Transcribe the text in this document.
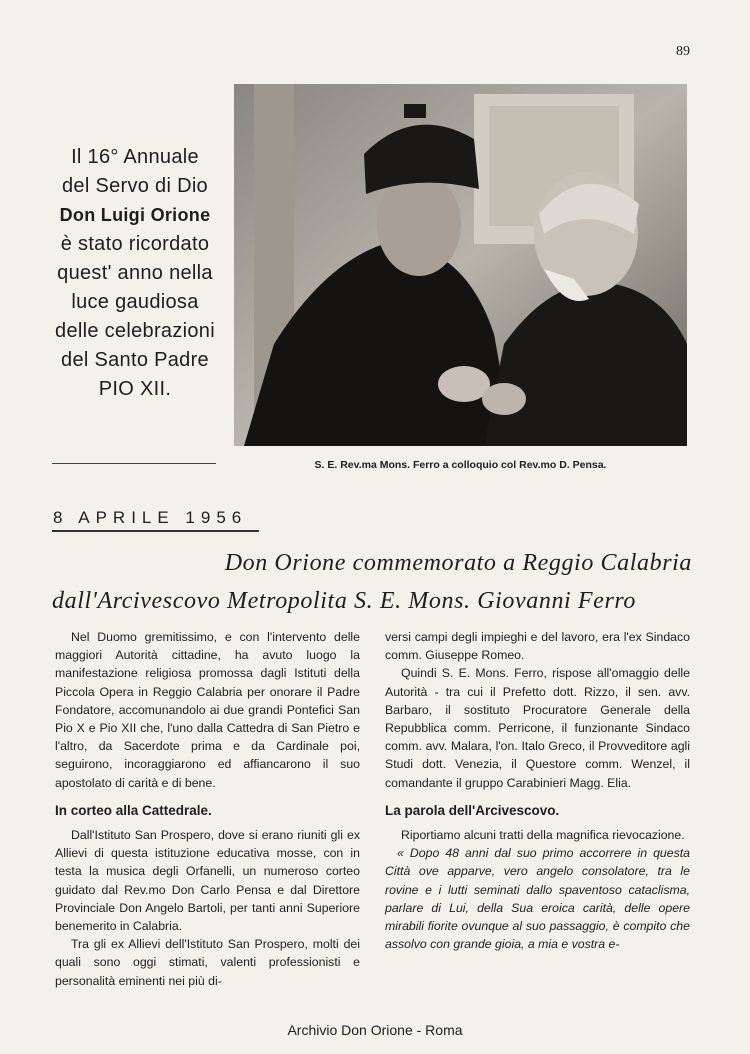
89
S. E. Rev.ma Mons. Ferro a colloquio col Rev.mo D. Pensa.
Il 16° Annuale
del Servo di Dio
Don Luigi Orione
è stato ricordato
quest' anno nella
luce gaudiosa
delle celebrazioni
del Santo Padre
PIO XII.
8 APRILE 1956
Don Orione commemorato a Reggio Calabria
dall'Arcivescovo Metropolita S. E. Mons. Giovanni Ferro

Nel Duomo gremitissimo, e con l'intervento delle maggiori Autorità cittadine, ha avuto luogo la manifestazione religiosa promossa dagli Istituti della Piccola Opera in Reggio Calabria per onorare il Padre Fondatore, accomunandolo ai due grandi Pontefici San Pio X e Pio XII che, l'uno dalla Cattedra di San Pietro e l'altro, da Sacerdote prima e da Cardinale poi, seguirono, incoraggiarono ed affiancarono il suo apostolato di carità e di bene.

In corteo alla Cattedrale.

Dall'Istituto San Prospero, dove si erano riuniti gli ex Allievi di questa istituzione educativa mosse, con in testa la musica degli Orfanelli, un numeroso corteo guidato dal Rev.mo Don Carlo Pensa e dal Direttore Provinciale Don Angelo Bartoli, per tanti anni Superiore benemerito in Calabria.

Tra gli ex Allievi dell'Istituto San Prospero, molti dei quali sono oggi stimati, valenti professionisti e personalità eminenti nei più di-

versi campi degli impieghi e del lavoro, era l'ex Sindaco comm. Giuseppe Romeo.

Quindi S. E. Mons. Ferro, rispose all'omaggio delle Autorità - tra cui il Prefetto dott. Rizzo, il sen. avv. Barbaro, il sostituto Procuratore Generale della Repubblica comm. Perricone, il funzionante Sindaco comm. avv. Malara, l'on. Italo Greco, il Provveditore agli Studi dott. Venezia, il Questore comm. Wenzel, il comandante il gruppo Carabinieri Magg. Elia.

La parola dell'Arcivescovo.

Riportiamo alcuni tratti della magnifica rievocazione.

« Dopo 48 anni dal suo primo accorrere in questa Città ove apparve, vero angelo consolatore, tra le rovine e i lutti seminati dallo spaventoso cataclisma, parlare di Lui, della Sua eroica carità, delle opere mirabili fiorite ovunque al suo passaggio, è compito che assolvo con grande gioia, a mia e vostra e-

Archivio Don Orione - Roma
